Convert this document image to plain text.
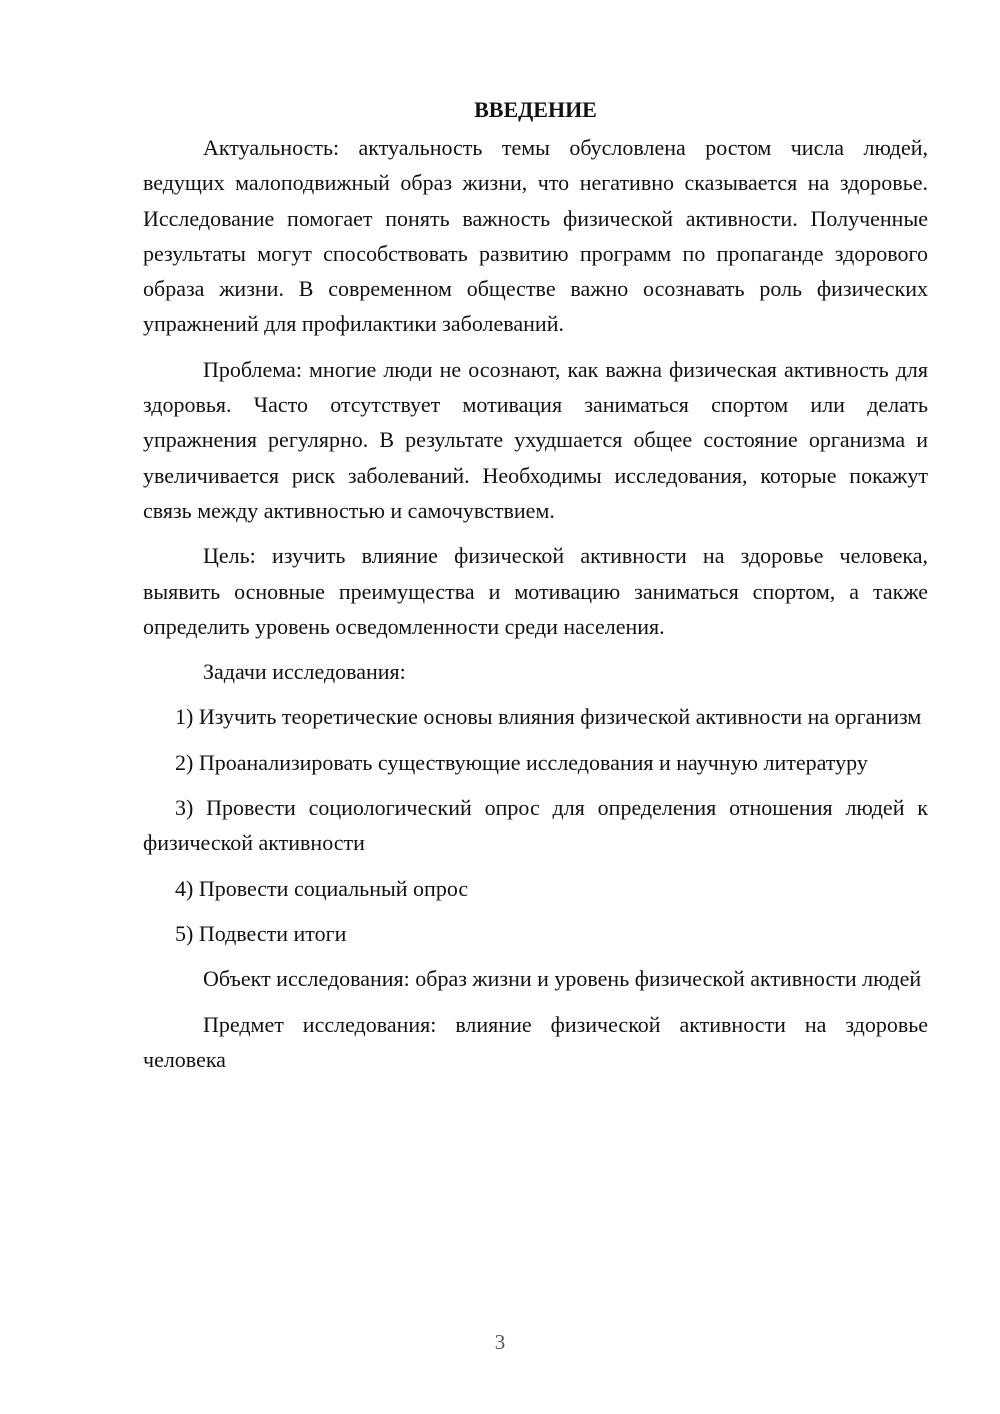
ВВЕДЕНИЕ

Актуальность: актуальность темы обусловлена ростом числа людей, ведущих малоподвижный образ жизни, что негативно сказывается на здоровье. Исследование помогает понять важность физической активности. Полученные результаты могут способствовать развитию программ по пропаганде здорового образа жизни. В современном обществе важно осознавать роль физических упражнений для профилактики заболеваний.

Проблема: многие люди не осознают, как важна физическая активность для здоровья. Часто отсутствует мотивация заниматься спортом или делать упражнения регулярно. В результате ухудшается общее состояние организма и увеличивается риск заболеваний. Необходимы исследования, которые покажут связь между активностью и самочувствием.

Цель: изучить влияние физической активности на здоровье человека, выявить основные преимущества и мотивацию заниматься спортом, а также определить уровень осведомленности среди населения.

Задачи исследования:

1) Изучить теоретические основы влияния физической активности на организм

2) Проанализировать существующие исследования и научную литературу

3) Провести социологический опрос для определения отношения людей к физической активности

4) Провести социальный опрос

5) Подвести итоги

Объект исследования: образ жизни и уровень физической активности людей

Предмет исследования: влияние физической активности на здоровье человека

3
